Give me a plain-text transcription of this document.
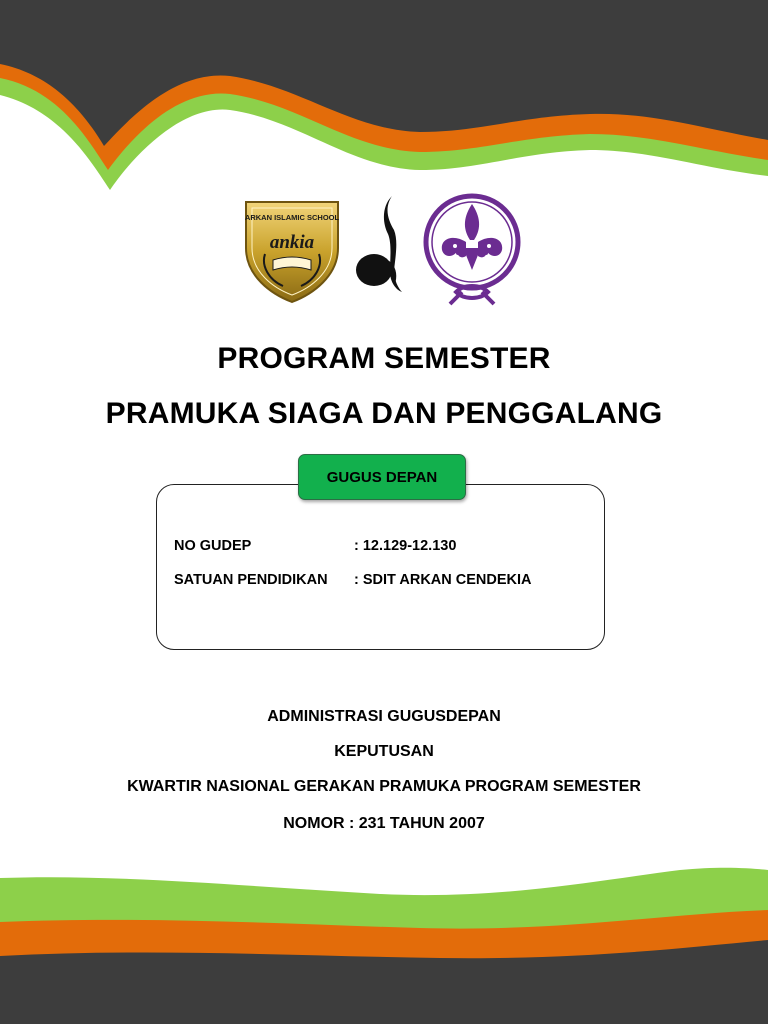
ARKAN ISLAMIC SCHOOL
ankia
PROGRAM SEMESTER
PRAMUKA SIAGA DAN PENGGALANG
GUGUS DEPAN
NO GUDEP	: 12.129-12.130
SATUAN PENDIDIKAN : SDIT ARKAN CENDEKIA
ADMINISTRASI GUGUSDEPAN
KEPUTUSAN
KWARTIR NASIONAL GERAKAN PRAMUKA PROGRAM SEMESTER
NOMOR : 231 TAHUN 2007
